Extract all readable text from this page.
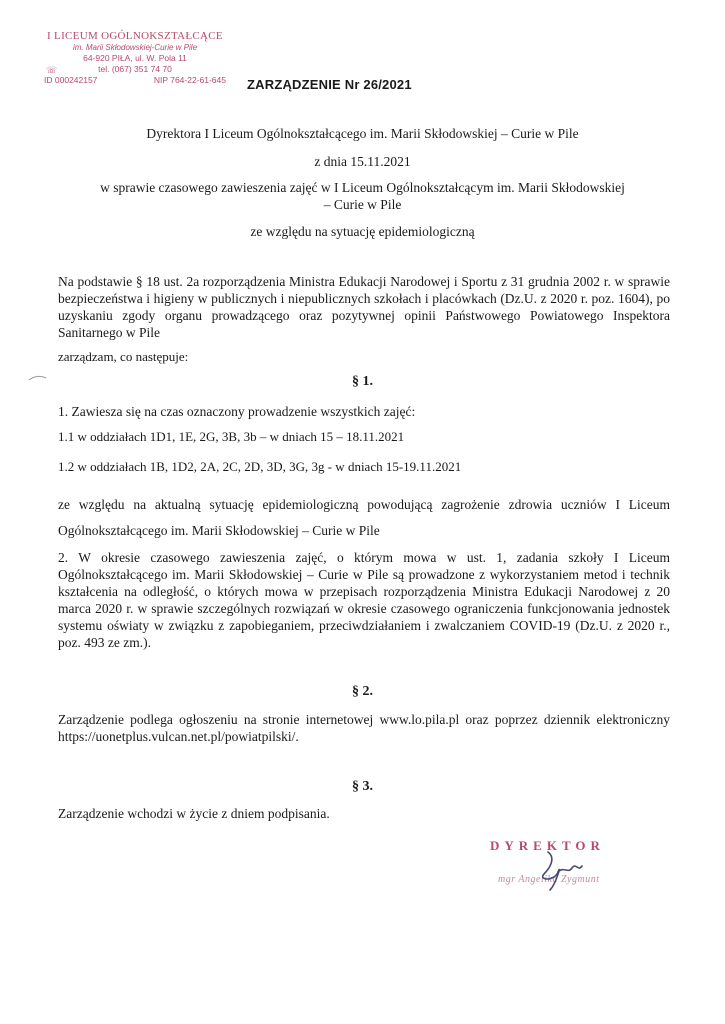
I LICEUM OGÓLNOKSZTAŁCĄCE
im. Marii Skłodowskiej-Curie w Pile
64-920 PIŁA, ul. W. Pola 11
tel. (067) 351 74 70
ID 000242157	NIP 764-22-61-645
☏
ZARZĄDZENIE Nr 26/2021
Dyrektora I Liceum Ogólnokształcącego im. Marii Skłodowskiej – Curie w Pile
z dnia 15.11.2021
w sprawie czasowego zawieszenia zajęć w I Liceum Ogólnokształcącym im. Marii Skłodowskiej
– Curie w Pile
ze względu na sytuację epidemiologiczną
Na podstawie § 18 ust. 2a rozporządzenia Ministra Edukacji Narodowej i Sportu z 31 grudnia 2002 r. w sprawie bezpieczeństwa i higieny w publicznych i niepublicznych szkołach i placówkach (Dz.U. z 2020 r. poz. 1604), po uzyskaniu zgody organu prowadzącego oraz pozytywnej opinii Państwowego Powiatowego Inspektora Sanitarnego w Pile
zarządzam, co następuje:
§ 1.
1. Zawiesza się na czas oznaczony prowadzenie wszystkich zajęć:
1.1 w oddziałach 1D1, 1E, 2G, 3B, 3b – w dniach 15 – 18.11.2021
1.2 w oddziałach 1B, 1D2, 2A, 2C, 2D, 3D, 3G, 3g - w dniach 15-19.11.2021
ze względu na aktualną sytuację epidemiologiczną powodującą zagrożenie zdrowia uczniów I Liceum Ogólnokształcącego im. Marii Skłodowskiej – Curie w Pile
2. W okresie czasowego zawieszenia zajęć, o którym mowa w ust. 1, zadania szkoły I Liceum Ogólnokształcącego im. Marii Skłodowskiej – Curie w Pile są prowadzone z wykorzystaniem metod i technik kształcenia na odległość, o których mowa w przepisach rozporządzenia Ministra Edukacji Narodowej z 20 marca 2020 r. w sprawie szczególnych rozwiązań w okresie czasowego ograniczenia funkcjonowania jednostek systemu oświaty w związku z zapobieganiem, przeciwdziałaniem i zwalczaniem COVID-19 (Dz.U. z 2020 r., poz. 493 ze zm.).
§ 2.
Zarządzenie podlega ogłoszeniu na stronie internetowej www.lo.pila.pl oraz poprzez dziennik elektroniczny https://uonetplus.vulcan.net.pl/powiatpilski/.
§ 3.
Zarządzenie wchodzi w życie z dniem podpisania.
DYREKTOR
mgr Angelika Zygmunt
